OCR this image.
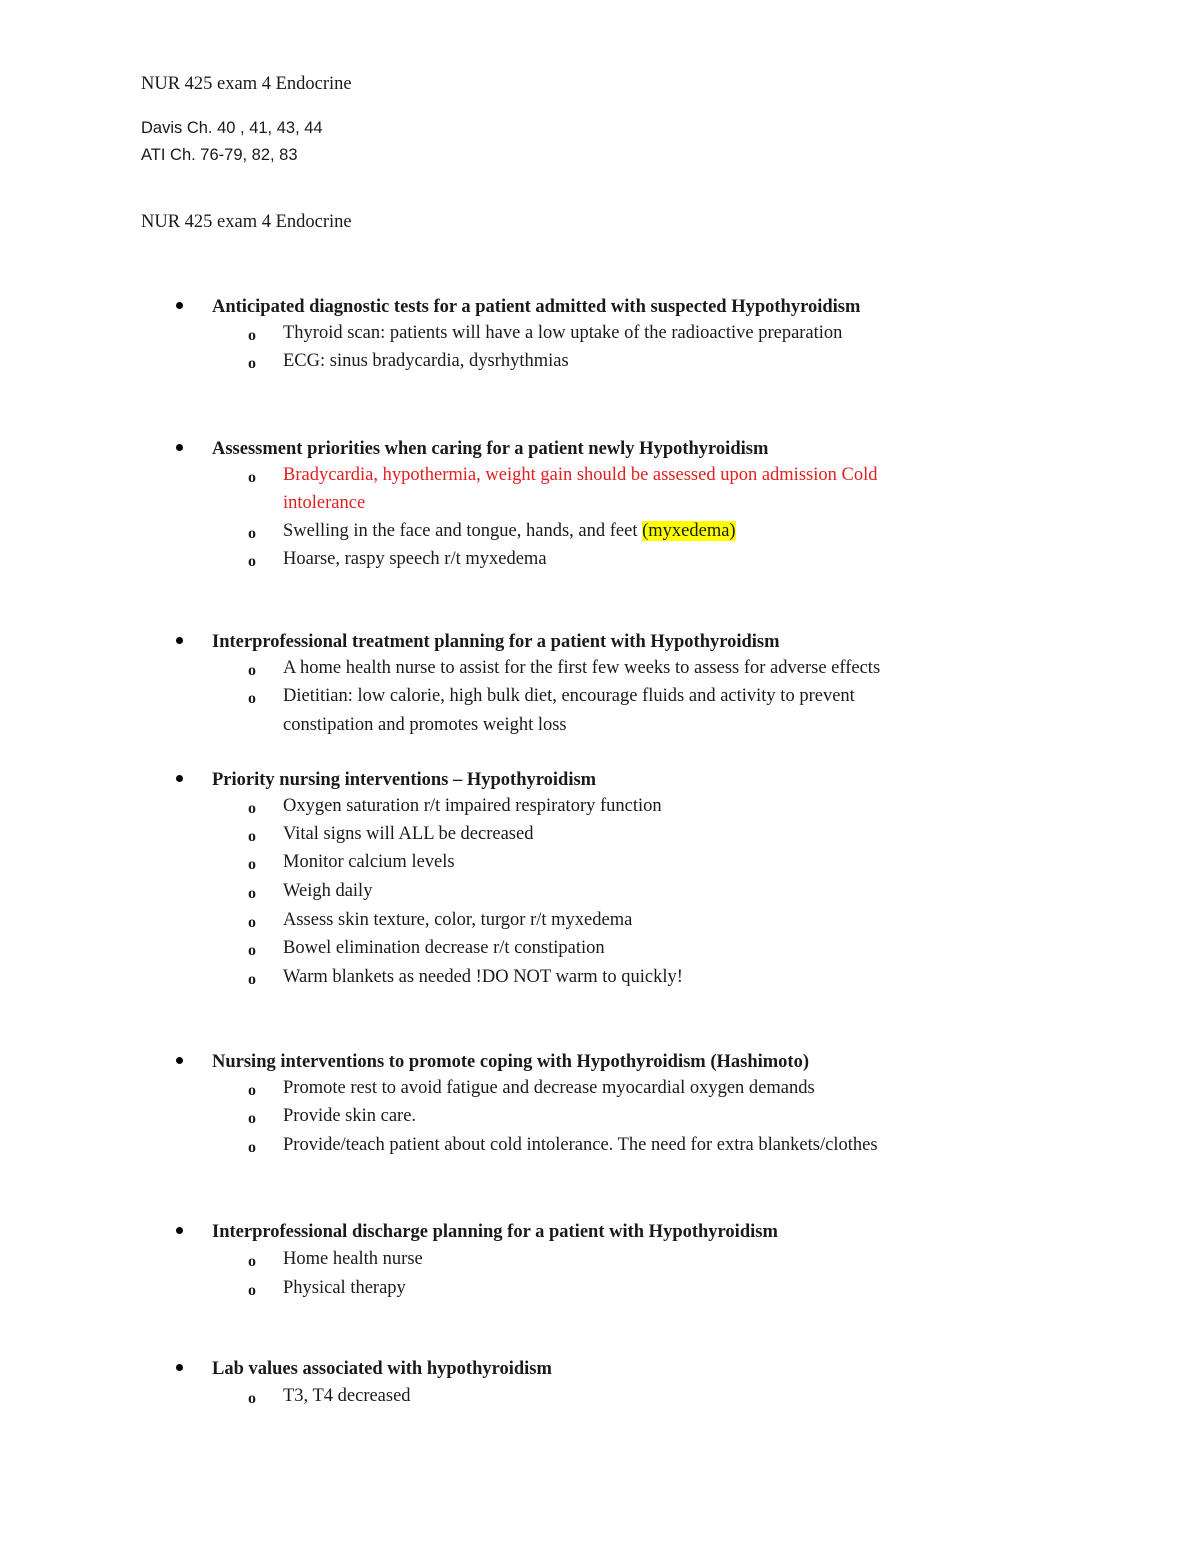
NUR 425 exam 4 Endocrine
Davis Ch. 40 , 41, 43, 44
ATI Ch. 76-79, 82, 83
NUR 425 exam 4 Endocrine
Anticipated diagnostic tests for a patient admitted with suspected Hypothyroidism
o Thyroid scan: patients will have a low uptake of the radioactive preparation
o ECG: sinus bradycardia, dysrhythmias
Assessment priorities when caring for a patient newly Hypothyroidism
o Bradycardia, hypothermia, weight gain should be assessed upon admission Cold
intolerance
o Swelling in the face and tongue, hands, and feet (myxedema)
o Hoarse, raspy speech r/t myxedema
Interprofessional treatment planning for a patient with Hypothyroidism
o A home health nurse to assist for the first few weeks to assess for adverse effects
o Dietitian: low calorie, high bulk diet, encourage fluids and activity to prevent
constipation and promotes weight loss
Priority nursing interventions – Hypothyroidism
o Oxygen saturation r/t impaired respiratory function
o Vital signs will ALL be decreased
o Monitor calcium levels
o Weigh daily
o Assess skin texture, color, turgor r/t myxedema
o Bowel elimination decrease r/t constipation
o Warm blankets as needed !DO NOT warm to quickly!
Nursing interventions to promote coping with Hypothyroidism (Hashimoto)
o Promote rest to avoid fatigue and decrease myocardial oxygen demands
o Provide skin care.
o Provide/teach patient about cold intolerance. The need for extra blankets/clothes
Interprofessional discharge planning for a patient with Hypothyroidism
o Home health nurse
o Physical therapy
Lab values associated with hypothyroidism
o T3, T4 decreased
